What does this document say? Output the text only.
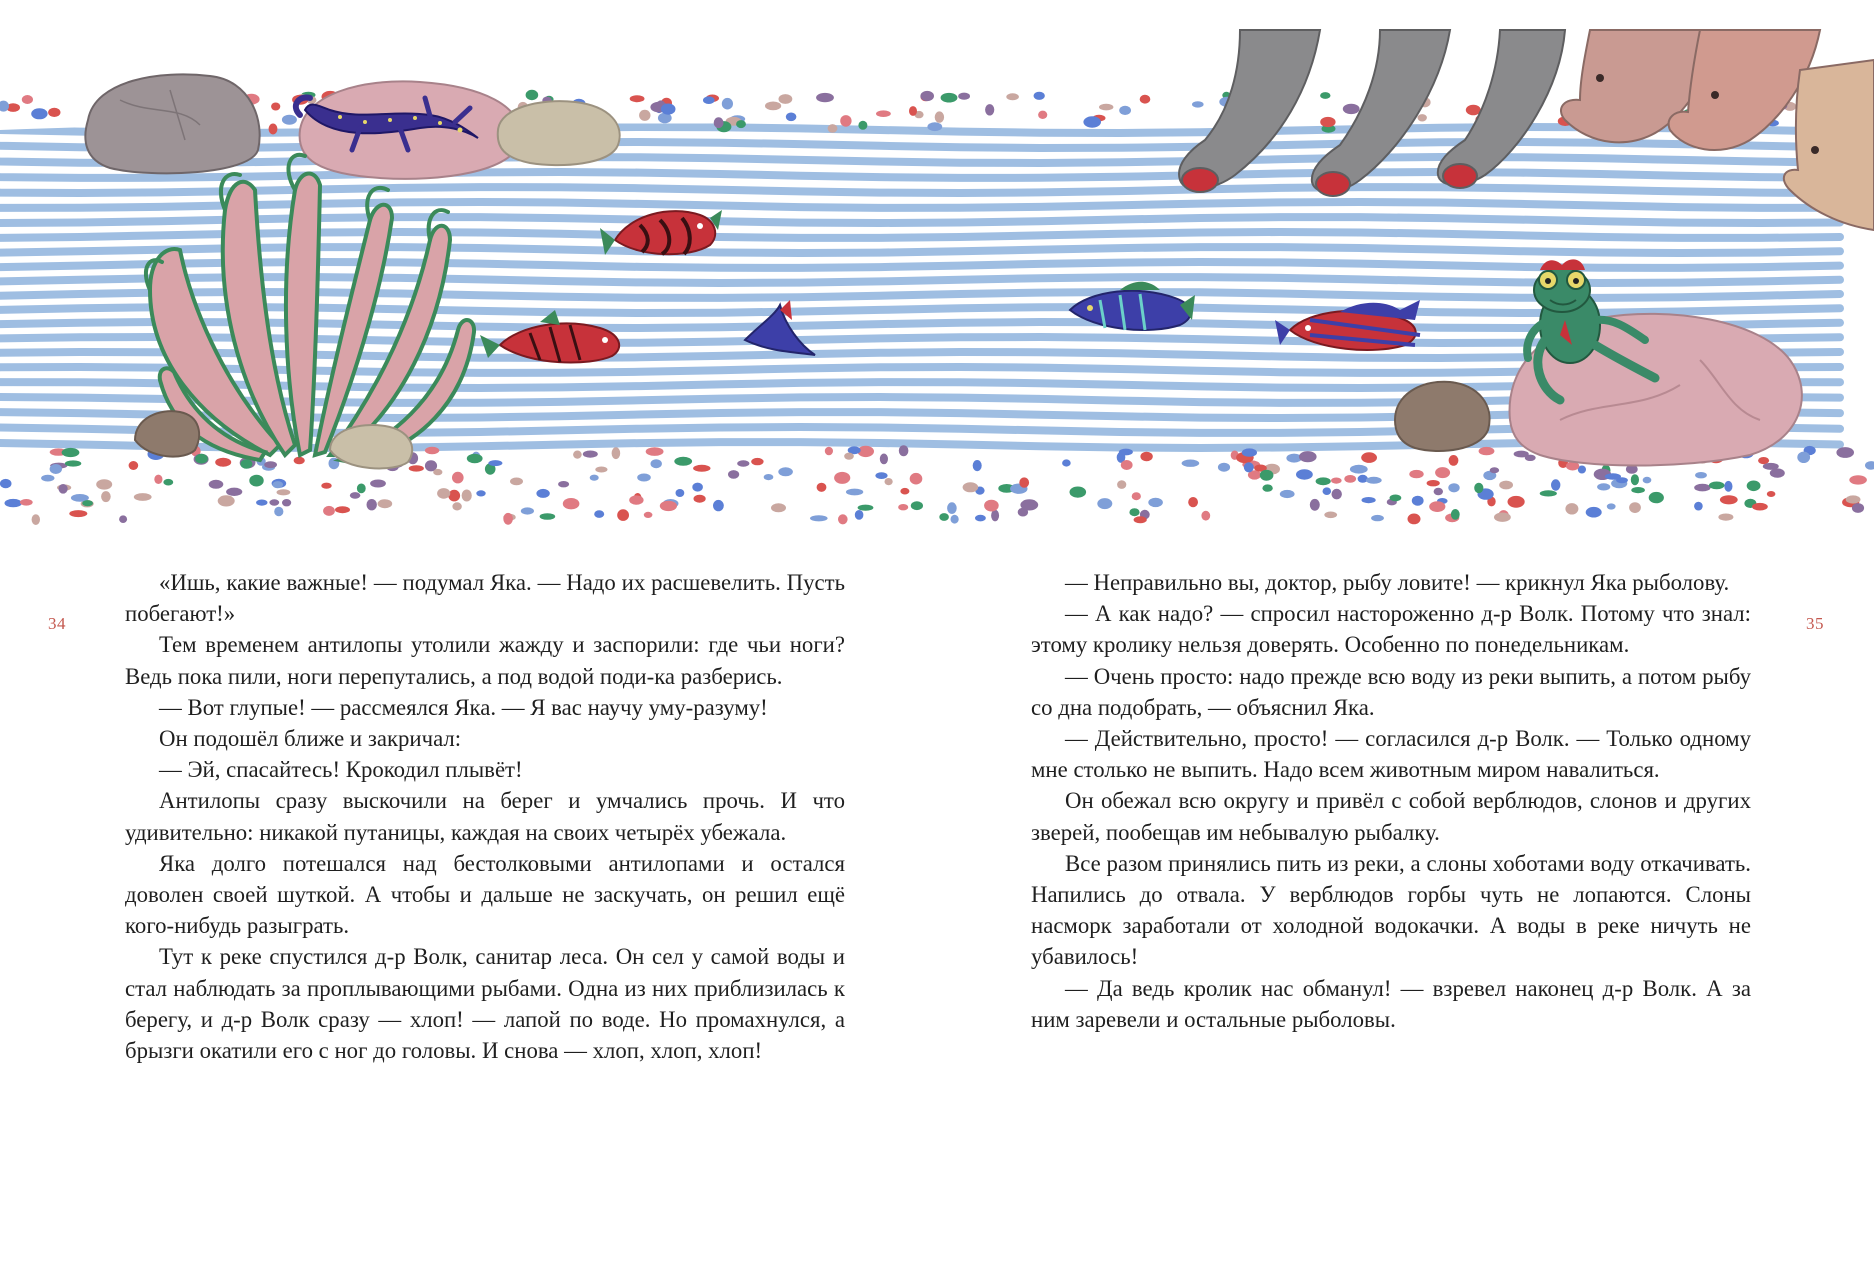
34	35

«Ишь, какие важные! — подумал Яка. — Надо их расшевелить. Пусть побегают!»

Тем временем антилопы утолили жажду и заспорили: где чьи ноги? Ведь пока пили, ноги перепутались, а под водой поди-ка разберись.

— Вот глупые! — рассмеялся Яка. — Я вас научу уму-разуму!

Он подошёл ближе и закричал:

— Эй, спасайтесь! Крокодил плывёт!

Антилопы сразу выскочили на берег и умчались прочь. И что удивительно: никакой путаницы, каждая на своих четырёх убежала.

Яка долго потешался над бестолковыми антилопами и остался доволен своей шуткой. А чтобы и дальше не заскучать, он решил ещё кого-нибудь разыграть.

Тут к реке спустился д-р Волк, санитар леса. Он сел у самой воды и стал наблюдать за проплывающими рыбами. Одна из них приблизилась к берегу, и д-р Волк сразу — хлоп! — лапой по воде. Но промахнулся, а брызги окатили его с ног до головы. И снова — хлоп, хлоп, хлоп!

— Неправильно вы, доктор, рыбу ловите! — крикнул Яка рыболову.

— А как надо? — спросил настороженно д-р Волк. Потому что знал: этому кролику нельзя доверять. Особенно по понедельникам.

— Очень просто: надо прежде всю воду из реки выпить, а потом рыбу со дна подобрать, — объяснил Яка.

— Действительно, просто! — согласился д-р Волк. — Только одному мне столько не выпить. Надо всем животным миром навалиться.

Он обежал всю округу и привёл с собой верблюдов, слонов и других зверей, пообещав им небывалую рыбалку.

Все разом принялись пить из реки, а слоны хоботами воду откачивать. Напились до отвала. У верблюдов горбы чуть не лопаются. Слоны насморк заработали от холодной водокачки. А воды в реке ничуть не убавилось!

— Да ведь кролик нас обманул! — взревел наконец д-р Волк. А за ним заревели и остальные рыболовы.
